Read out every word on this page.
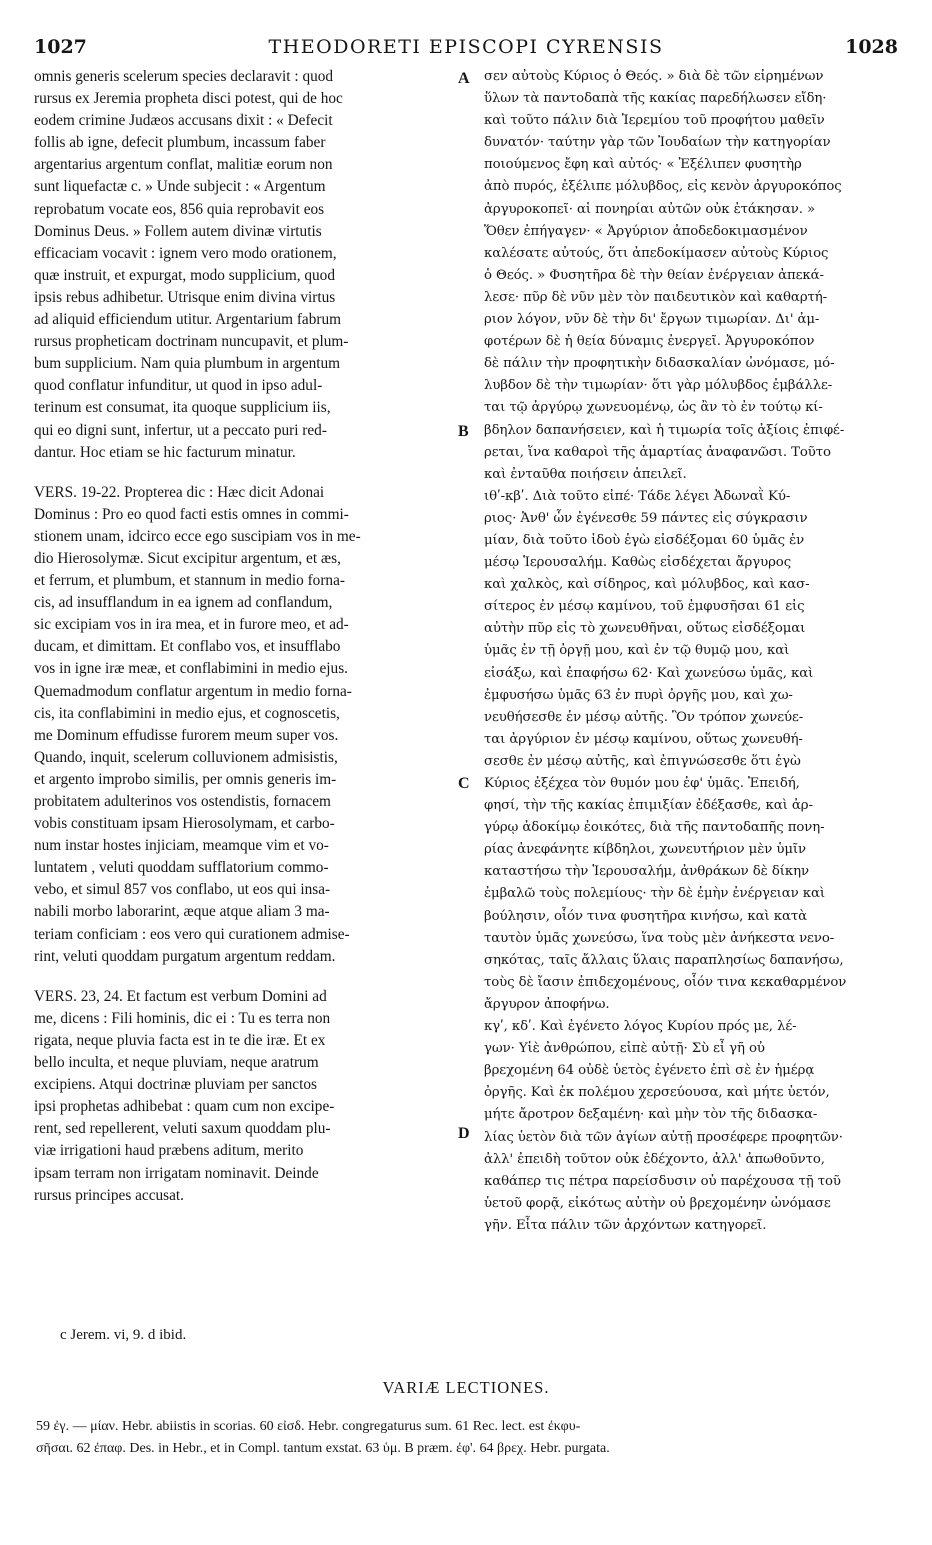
1027	THEODORETI EPISCOPI CYRENSIS	1028
omnis generis scelerum species declaravit : quod
rursus ex Jeremia propheta disci potest, qui de hoc
eodem crimine Judæos accusans dixit : « Defecit
follis ab igne, defecit plumbum, incassum faber
argentarius argentum conflat, malitiæ eorum non
sunt liquefactæ c. » Unde subjecit : « Argentum
reprobatum vocate eos, 856 quia reprobavit eos
Dominus Deus. » Follem autem divinæ virtutis
efficaciam vocavit : ignem vero modo orationem,
quæ instruit, et expurgat, modo supplicium, quod
ipsis rebus adhibetur. Utrisque enim divina virtus
ad aliquid efficiendum utitur. Argentarium fabrum
rursus propheticam doctrinam nuncupavit, et plum-
bum supplicium. Nam quia plumbum in argentum
quod conflatur infunditur, ut quod in ipso adul-
terinum est consumat, ita quoque supplicium iis,
qui eo digni sunt, infertur, ut a peccato puri red-
dantur. Hoc etiam se hic facturum minatur.
VERS. 19-22. Propterea dic : Hæc dicit Adonai
Dominus : Pro eo quod facti estis omnes in commi-
stionem unam, idcirco ecce ego suscipiam vos in me-
dio Hierosolymæ. Sicut excipitur argentum, et æs,
et ferrum, et plumbum, et stannum in medio forna-
cis, ad insufflandum in ea ignem ad conflandum,
sic excipiam vos in ira mea, et in furore meo, et ad-
ducam, et dimittam. Et conflabo vos, et insufflabo
vos in igne iræ meæ, et conflabimini in medio ejus.
Quemadmodum conflatur argentum in medio forna-
cis, ita conflabimini in medio ejus, et cognoscetis,
me Dominum effudisse furorem meum super vos.
Quando, inquit, scelerum colluvionem admisistis,
et argento improbo similis, per omnis generis im-
probitatem adulterinos vos ostendistis, fornacem
vobis constituam ipsam Hierosolymam, et carbo-
num instar hostes injiciam, meamque vim et vo-
luntatem , veluti quoddam sufflatorium commo-
vebo, et simul 857 vos conflabo, ut eos qui insa-
nabili morbo laborarint, æque atque aliam 3 ma-
teriam conficiam : eos vero qui curationem admise-
rint, veluti quoddam purgatum argentum reddam.
VERS. 23, 24. Et factum est verbum Domini ad
me, dicens : Fili hominis, dic ei : Tu es terra non
rigata, neque pluvia facta est in te die iræ. Et ex
bello inculta, et neque pluviam, neque aratrum
excipiens. Atqui doctrinæ pluviam per sanctos
ipsi prophetas adhibebat : quam cum non excipe-
rent, sed repellerent, veluti saxum quoddam plu-
viæ irrigationi haud præbens aditum, merito
ipsam terram non irrigatam nominavit. Deinde
rursus principes accusat.
σεν αὐτοὺς Κύριος ὁ Θεός. » διὰ δὲ τῶν εἰρημένων
ὕλων τὰ παντοδαπὰ τῆς κακίας παρεδήλωσεν εἴδη·
καὶ τοῦτο πάλιν διὰ Ἱερεμίου τοῦ προφήτου μαθεῖν
δυνατόν· ταύτην γὰρ τῶν Ἰουδαίων τὴν κατηγορίαν
ποιούμενος ἔφη καὶ αὐτός· « Ἐξέλιπεν φυσητὴρ
ἀπὸ πυρός, ἐξέλιπε μόλυβδος, εἰς κενὸν ἀργυροκόπος
ἀργυροκοπεῖ· αἱ πονηρίαι αὐτῶν οὐκ ἐτάκησαν. »
Ὅθεν ἐπήγαγεν· « Ἀργύριον ἀποδεδοκιμασμένον
καλέσατε αὐτούς, ὅτι ἀπεδοκίμασεν αὐτοὺς Κύριος
ὁ Θεός. » Φυσητῆρα δὲ τὴν θείαν ἐνέργειαν ἀπεκά-
λεσε· πῦρ δὲ νῦν μὲν τὸν παιδευτικὸν καὶ καθαρτή-
ριον λόγον, νῦν δὲ τὴν δι' ἔργων τιμωρίαν. Δι' ἀμ-
φοτέρων δὲ ἡ θεία δύναμις ἐνεργεῖ. Ἀργυροκόπον
δὲ πάλιν τὴν προφητικὴν διδασκαλίαν ὠνόμασε, μό-
λυβδον δὲ τὴν τιμωρίαν· ὅτι γὰρ μόλυβδος ἐμβάλλε-
ται τῷ ἀργύρῳ χωνευομένῳ, ὡς ἂν τὸ ἐν τούτῳ κί-
βδηλον δαπανήσειεν, καὶ ἡ τιμωρία τοῖς ἀξίοις ἐπιφέ-
ρεται, ἵνα καθαροὶ τῆς ἁμαρτίας ἀναφανῶσι. Τοῦτο
καὶ ἐνταῦθα ποιήσειν ἀπειλεῖ.
ιθʹ-κβʹ. Διὰ τοῦτο εἰπέ· Τάδε λέγει Ἀδωναῒ Κύ-
ριος· Ἀνθ' ὧν ἐγένεσθε 59 πάντες εἰς σύγκρασιν
μίαν, διὰ τοῦτο ἰδοὺ ἐγὼ εἰσδέξομαι 60 ὑμᾶς ἐν
μέσῳ Ἱερουσαλήμ. Καθὼς εἰσδέχεται ἄργυρος
καὶ χαλκὸς, καὶ σίδηρος, καὶ μόλυβδος, καὶ κασ-
σίτερος ἐν μέσῳ καμίνου, τοῦ ἐμφυσῆσαι 61 εἰς
αὐτὴν πῦρ εἰς τὸ χωνευθῆναι, οὕτως εἰσδέξομαι
ὑμᾶς ἐν τῇ ὀργῇ μου, καὶ ἐν τῷ θυμῷ μου, καὶ
εἰσάξω, καὶ ἐπαφήσω 62· Καὶ χωνεύσω ὑμᾶς, καὶ
ἐμφυσήσω ὑμᾶς 63 ἐν πυρὶ ὀργῆς μου, καὶ χω-
νευθήσεσθε ἐν μέσῳ αὐτῆς. Ὃν τρόπον χωνεύε-
ται ἀργύριον ἐν μέσῳ καμίνου, οὕτως χωνευθή-
σεσθε ἐν μέσῳ αὐτῆς, καὶ ἐπιγνώσεσθε ὅτι ἐγὼ
Κύριος ἐξέχεα τὸν θυμόν μου ἐφ' ὑμᾶς. Ἐπειδή,
φησί, τὴν τῆς κακίας ἐπιμιξίαν ἐδέξασθε, καὶ ἀρ-
γύρῳ ἀδοκίμῳ ἐοικότες, διὰ τῆς παντοδαπῆς πονη-
ρίας ἀνεφάνητε κίβδηλοι, χωνευτήριον μὲν ὑμῖν
καταστήσω τὴν Ἱερουσαλήμ, ἀνθράκων δὲ δίκην
ἐμβαλῶ τοὺς πολεμίους· τὴν δὲ ἐμὴν ἐνέργειαν καὶ
βούλησιν, οἷόν τινα φυσητῆρα κινήσω, καὶ κατὰ
ταυτὸν ὑμᾶς χωνεύσω, ἵνα τοὺς μὲν ἀνήκεστα νενο-
σηκότας, ταῖς ἄλλαις ὕλαις παραπλησίως δαπανήσω,
τοὺς δὲ ἴασιν ἐπιδεχομένους, οἷόν τινα κεκαθαρμένον
ἄργυρον ἀποφήνω.
κγʹ, κδʹ. Καὶ ἐγένετο λόγος Κυρίου πρός με, λέ-
γων· Υἱὲ ἀνθρώπου, εἰπὲ αὐτῇ· Σὺ εἶ γῆ οὐ
βρεχομένη 64 οὐδὲ ὑετὸς ἐγένετο ἐπὶ σὲ ἐν ἡμέρᾳ
ὀργῆς. Καὶ ἐκ πολέμου χερσεύουσα, καὶ μήτε ὑετόν,
μήτε ἄροτρον δεξαμένη· καὶ μὴν τὸν τῆς διδασκα-
λίας ὑετὸν διὰ τῶν ἁγίων αὐτῇ προσέφερε προφητῶν·
ἀλλ' ἐπειδὴ τοῦτον οὐκ ἐδέχοντο, ἀλλ' ἀπωθοῦντο,
καθάπερ τις πέτρα παρείσδυσιν οὐ παρέχουσα τῇ τοῦ
ὑετοῦ φορᾷ, εἰκότως αὐτὴν οὐ βρεχομένην ὠνόμασε
γῆν. Εἶτα πάλιν τῶν ἀρχόντων κατηγορεῖ.
A
B
C
D
c Jerem. vi, 9. d ibid.
VARIÆ LECTIONES.
59 ἐγ. — μίαν. Hebr. abiistis in scorias. 60 εἰσδ. Hebr. congregaturus sum. 61 Rec. lect. est ἐκφυ-
σῆσαι. 62 ἐπαφ. Des. in Hebr., et in Compl. tantum exstat. 63 ὑμ. B præm. ἐφ'. 64 βρεχ. Hebr. purgata.
